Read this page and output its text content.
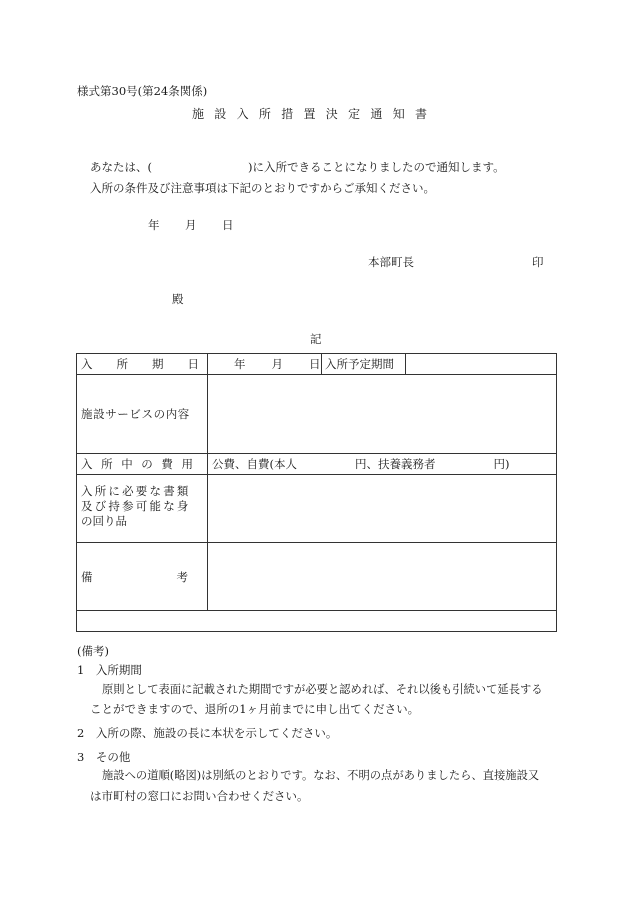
様式第30号(第24条関係)
施設入所措置決定通知書
あなたは、(	)に入所できることになりましたので通知します。
入所の条件及び注意事項は下記のとおりですからご承知ください。
年 月 日
本部町長	印
殿
記
入所期日	年 月 日 入所予定期間

施設サービスの内容	
入所中の費用	公費、自費(本人 円、扶養義務者 円)

入所に必要な書類
及び持参可能な身
の回り品	

備考	

(備考)
1　入所期間
原則として表面に記載された期間ですが必要と認めれば、それ以後も引続いて延長する
ことができますので、退所の1ヶ月前までに申し出てください。
2　入所の際、施設の長に本状を示してください。
3　その他
施設への道順(略図)は別紙のとおりです。なお、不明の点がありましたら、直接施設又
は市町村の窓口にお問い合わせください。
